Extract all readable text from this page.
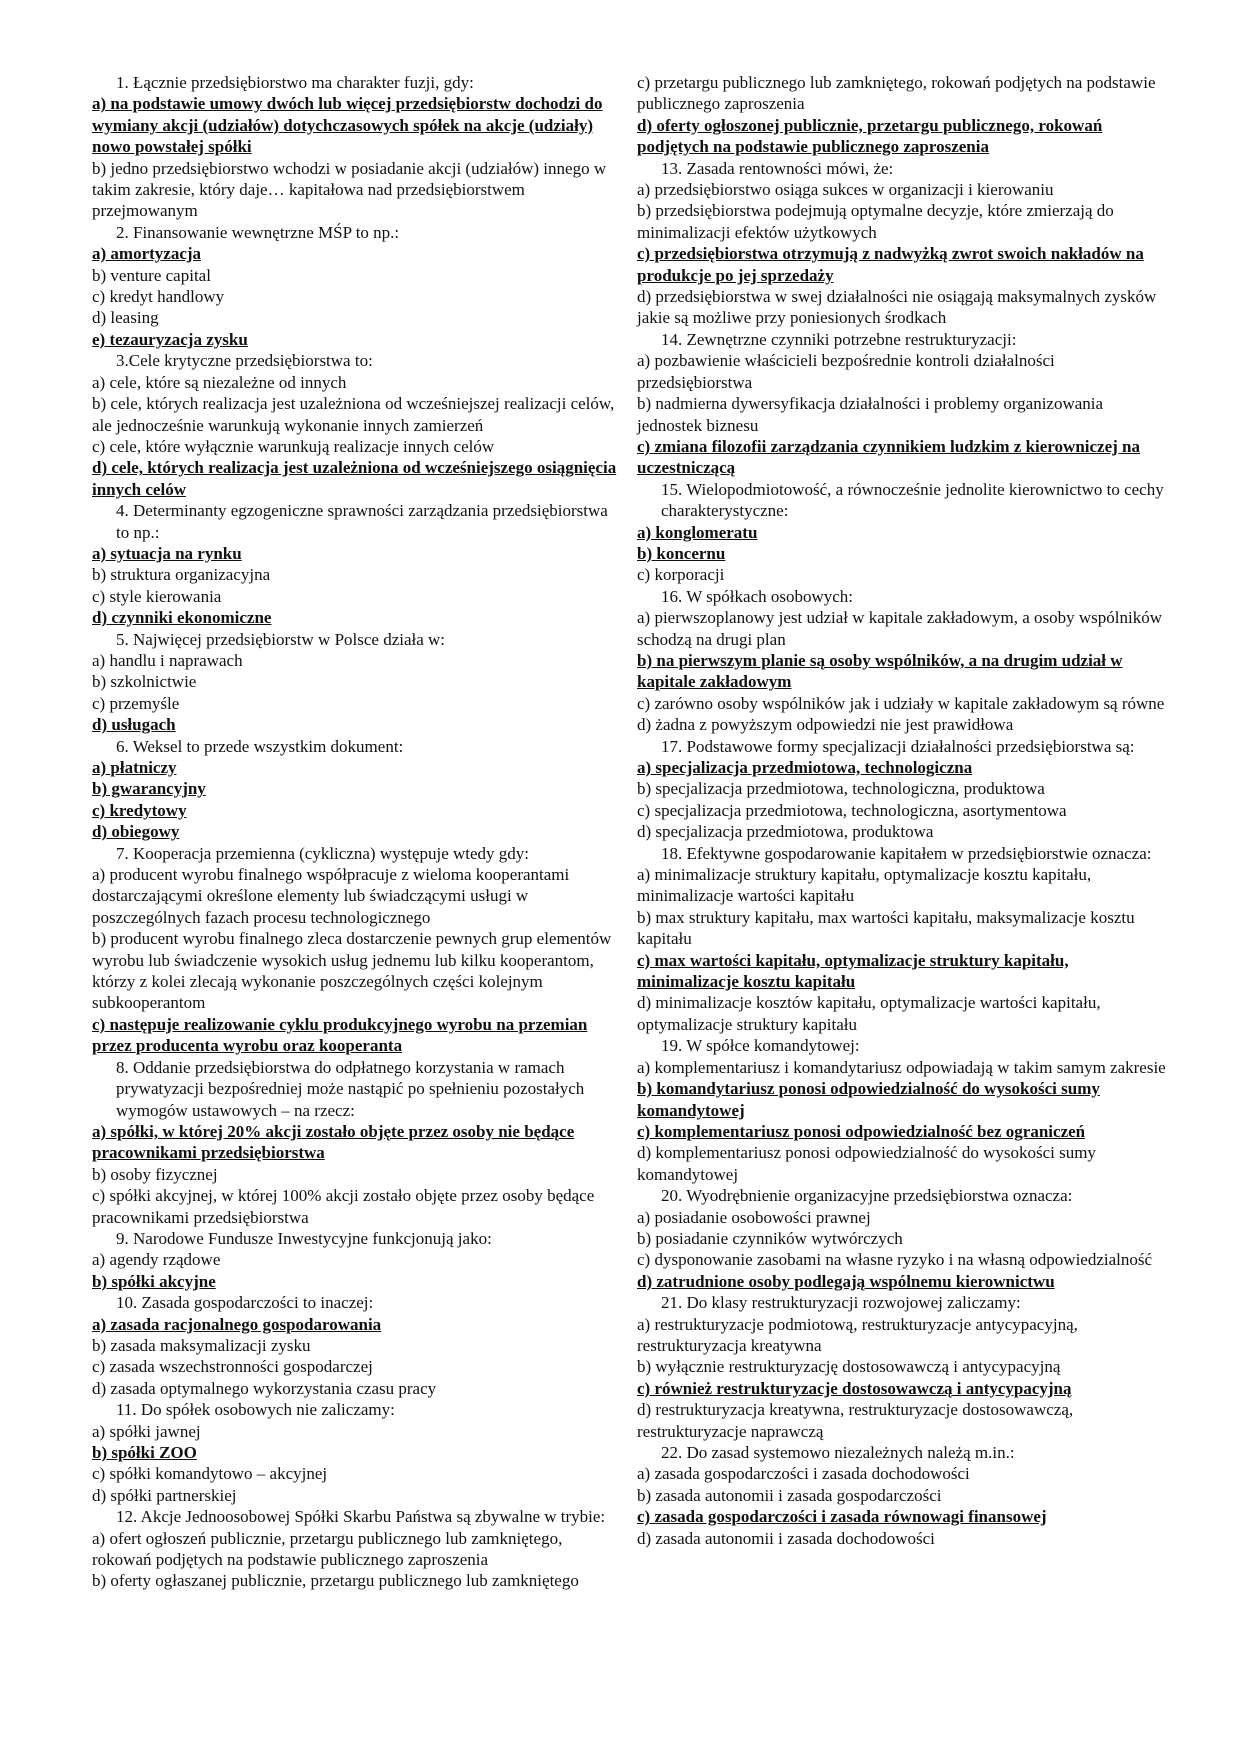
1. Łącznie przedsiębiorstwo ma charakter fuzji, gdy:
a) na podstawie umowy dwóch lub więcej przedsiębiorstw dochodzi do wymiany akcji (udziałów) dotychczasowych spółek na akcje (udziały) nowo powstałej spółki
b) jedno przedsiębiorstwo wchodzi w posiadanie akcji (udziałów) innego w takim zakresie, który daje… kapitałowa nad przedsiębiorstwem przejmowanym
2. Finansowanie wewnętrzne MŚP to np.:
a) amortyzacja
b) venture capital
c) kredyt handlowy
d) leasing
e) tezauryzacja zysku
3.Cele krytyczne przedsiębiorstwa to:
a) cele, które są niezależne od innych
b) cele, których realizacja jest uzależniona od wcześniejszej realizacji celów, ale jednocześnie warunkują wykonanie innych zamierzeń
c) cele, które wyłącznie warunkują realizacje innych celów
d) cele, których realizacja jest uzależniona od wcześniejszego osiągnięcia innych celów
4. Determinanty egzogeniczne sprawności zarządzania przedsiębiorstwa to np.:
a) sytuacja na rynku
b) struktura organizacyjna
c) style kierowania
d) czynniki ekonomiczne
5. Najwięcej przedsiębiorstw w Polsce działa w:
a) handlu i naprawach
b) szkolnictwie
c) przemyśle
d) usługach
6. Weksel to przede wszystkim dokument:
a) płatniczy
b) gwarancyjny
c) kredytowy
d) obiegowy
7. Kooperacja przemienna (cykliczna) występuje wtedy gdy:
a) producent wyrobu finalnego współpracuje z wieloma kooperantami dostarczającymi określone elementy lub świadczącymi usługi w poszczególnych fazach procesu technologicznego
b) producent wyrobu finalnego zleca dostarczenie pewnych grup elementów wyrobu lub świadczenie wysokich usług jednemu lub kilku kooperantom, którzy z kolei zlecają wykonanie poszczególnych części kolejnym subkooperantom
c) następuje realizowanie cyklu produkcyjnego wyrobu na przemian przez producenta wyrobu oraz kooperanta
8. Oddanie przedsiębiorstwa do odpłatnego korzystania w ramach prywatyzacji bezpośredniej może nastąpić po spełnieniu pozostałych wymogów ustawowych – na rzecz:
a) spółki, w której 20% akcji zostało objęte przez osoby nie będące pracownikami przedsiębiorstwa
b) osoby fizycznej
c) spółki akcyjnej, w której 100% akcji zostało objęte przez osoby będące pracownikami przedsiębiorstwa
9. Narodowe Fundusze Inwestycyjne funkcjonują jako:
a) agendy rządowe
b) spółki akcyjne
10. Zasada gospodarczości to inaczej:
a) zasada racjonalnego gospodarowania
b) zasada maksymalizacji zysku
c) zasada wszechstronności gospodarczej
d) zasada optymalnego wykorzystania czasu pracy
11. Do spółek osobowych nie zaliczamy:
a) spółki jawnej
b) spółki ZOO
c) spółki komandytowo – akcyjnej
d) spółki partnerskiej
12. Akcje Jednoosobowej Spółki Skarbu Państwa są zbywalne w trybie:
a) ofert ogłoszeń publicznie, przetargu publicznego lub zamkniętego, rokowań podjętych na podstawie publicznego zaproszenia
b) oferty ogłaszanej publicznie, przetargu publicznego lub zamkniętego
c) przetargu publicznego lub zamkniętego, rokowań podjętych na podstawie publicznego zaproszenia
d) oferty ogłoszonej publicznie, przetargu publicznego, rokowań podjętych na podstawie publicznego zaproszenia
13. Zasada rentowności mówi, że:
a) przedsiębiorstwo osiąga sukces w organizacji i kierowaniu
b) przedsiębiorstwa podejmują optymalne decyzje, które zmierzają do minimalizacji efektów użytkowych
c) przedsiębiorstwa otrzymują z nadwyżką zwrot swoich nakładów na produkcje po jej sprzedaży
d) przedsiębiorstwa w swej działalności nie osiągają maksymalnych zysków jakie są możliwe przy poniesionych środkach
14. Zewnętrzne czynniki potrzebne restrukturyzacji:
a) pozbawienie właścicieli bezpośrednie kontroli działalności przedsiębiorstwa
b) nadmierna dywersyfikacja działalności i problemy organizowania jednostek biznesu
c) zmiana filozofii zarządzania czynnikiem ludzkim z kierowniczej na uczestniczącą
15. Wielopodmiotowość, a równocześnie jednolite kierownictwo to cechy charakterystyczne:
a) konglomeratu
b) koncernu
c) korporacji
16. W spółkach osobowych:
a) pierwszoplanowy jest udział w kapitale zakładowym, a osoby wspólników schodzą na drugi plan
b) na pierwszym planie są osoby wspólników, a na drugim udział w kapitale zakładowym
c) zarówno osoby wspólników jak i udziały w kapitale zakładowym są równe
d) żadna z powyższym odpowiedzi nie jest prawidłowa
17. Podstawowe formy specjalizacji działalności przedsiębiorstwa są:
a) specjalizacja przedmiotowa, technologiczna
b) specjalizacja przedmiotowa, technologiczna, produktowa
c) specjalizacja przedmiotowa, technologiczna, asortymentowa
d) specjalizacja przedmiotowa, produktowa
18. Efektywne gospodarowanie kapitałem w przedsiębiorstwie oznacza:
a) minimalizacje struktury kapitału, optymalizacje kosztu kapitału, minimalizacje wartości kapitału
b) max struktury kapitału, max wartości kapitału, maksymalizacje kosztu kapitału
c) max wartości kapitału, optymalizacje struktury kapitału, minimalizacje kosztu kapitału
d) minimalizacje kosztów kapitału, optymalizacje wartości kapitału, optymalizacje struktury kapitału
19. W spółce komandytowej:
a) komplementariusz i komandytariusz odpowiadają w takim samym zakresie
b) komandytariusz ponosi odpowiedzialność do wysokości sumy komandytowej
c) komplementariusz ponosi odpowiedzialność bez ograniczeń
d) komplementariusz ponosi odpowiedzialność do wysokości sumy komandytowej
20. Wyodrębnienie organizacyjne przedsiębiorstwa oznacza:
a) posiadanie osobowości prawnej
b) posiadanie czynników wytwórczych
c) dysponowanie zasobami na własne ryzyko i na własną odpowiedzialność
d) zatrudnione osoby podlegają wspólnemu kierownictwu
21. Do klasy restrukturyzacji rozwojowej zaliczamy:
a) restrukturyzacje podmiotową, restrukturyzacje antycypacyjną, restrukturyzacja kreatywna
b) wyłącznie restrukturyzację dostosowawczą i antycypacyjną
c) również restrukturyzacje dostosowawczą i antycypacyjną
d) restrukturyzacja kreatywna, restrukturyzacje dostosowawczą, restrukturyzacje naprawczą
22. Do zasad systemowo niezależnych należą m.in.:
a) zasada gospodarczości i zasada dochodowości
b) zasada autonomii i zasada gospodarczości
c) zasada gospodarczości i zasada równowagi finansowej
d) zasada autonomii i zasada dochodowości
